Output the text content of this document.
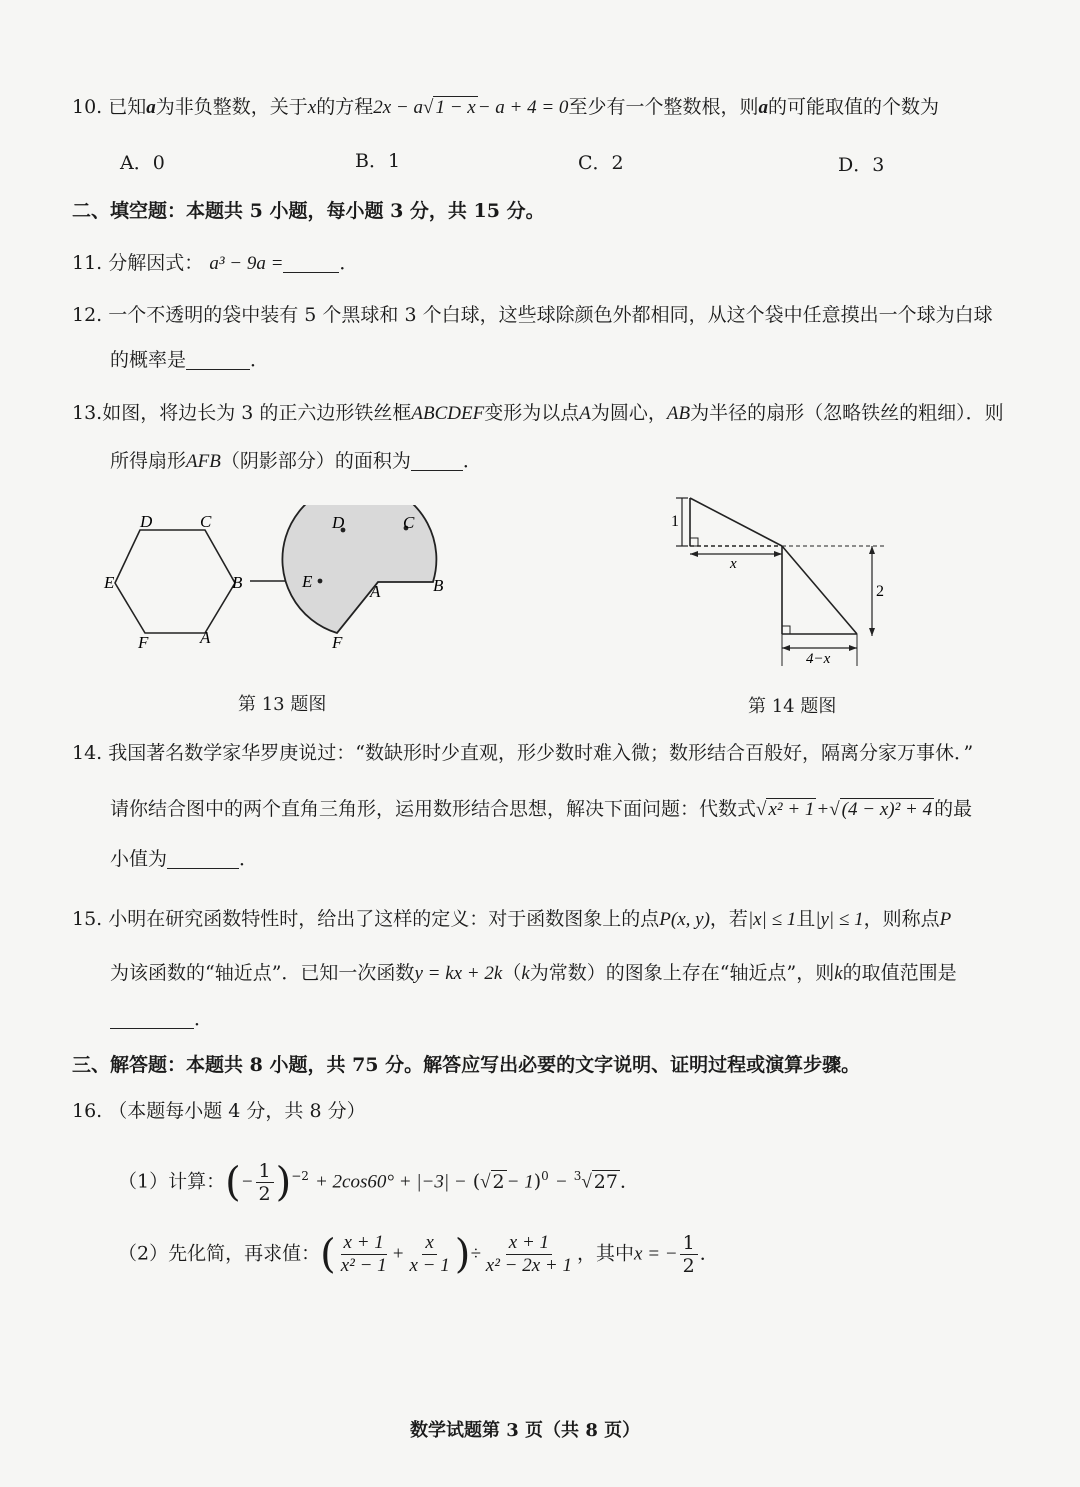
10. 已知a为非负整数，关于x的方程2x − a√ 1 − x − a + 4 = 0至少有一个整数根，则a的可能取值的个数为
A．0	B．1	C．2	D．3
二、填空题：本题共 5 小题，每小题 3 分，共 15 分。
11. 分解因式： a³ − 9a =	．
12. 一个不透明的袋中装有 5 个黑球和 3 个白球，这些球除颜色外都相同，从这个袋中任意摸出一个球为白球
的概率是	．
13.如图，将边长为 3 的正六边形铁丝框ABCDEF变形为以点A为圆心，AB为半径的扇形（忽略铁丝的粗细）．则
所得扇形AFB（阴影部分）的面积为	．
D	C
E	B
F	A
D	C
E	B
A
F
第 13 题图
1
x
2
4−x
第 14 题图
14. 我国著名数学家华罗庚说过：“数缺形时少直观，形少数时难入微；数形结合百般好，隔离分家万事休．”
请你结合图中的两个直角三角形，运用数形结合思想，解决下面问题：代数式√ x² + 1 +√ (4 − x)² + 4 的最
小值为	．
15. 小明在研究函数特性时，给出了这样的定义：对于函数图象上的点P(x, y)，若|x| ≤ 1且|y| ≤ 1，则称点P
为该函数的“轴近点”．已知一次函数y = kx + 2k（k为常数）的图象上存在“轴近点”，则k的取值范围是
．
三、解答题：本题共 8 小题，共 75 分。解答应写出必要的文字说明、证明过程或演算步骤。
16. （本题每小题 4 分，共 8 分）
（1）计算：(− $\frac{1}{2} )^{-2} + 2\cos 60^\circ + |-3|$ − (√ 2 − 1)$^0$ − $^3$√ 27 ．
（2）先化简，再求值：( $\frac{x + 1}{\text{x² − 1}} + \frac{x}{x - 1}$ )÷ $\frac{x + 1}{\text{x² − 2x + 1}}$ ，其中x = − $\frac{1}{2}$ ．
数学试题第 3 页（共 8 页）
